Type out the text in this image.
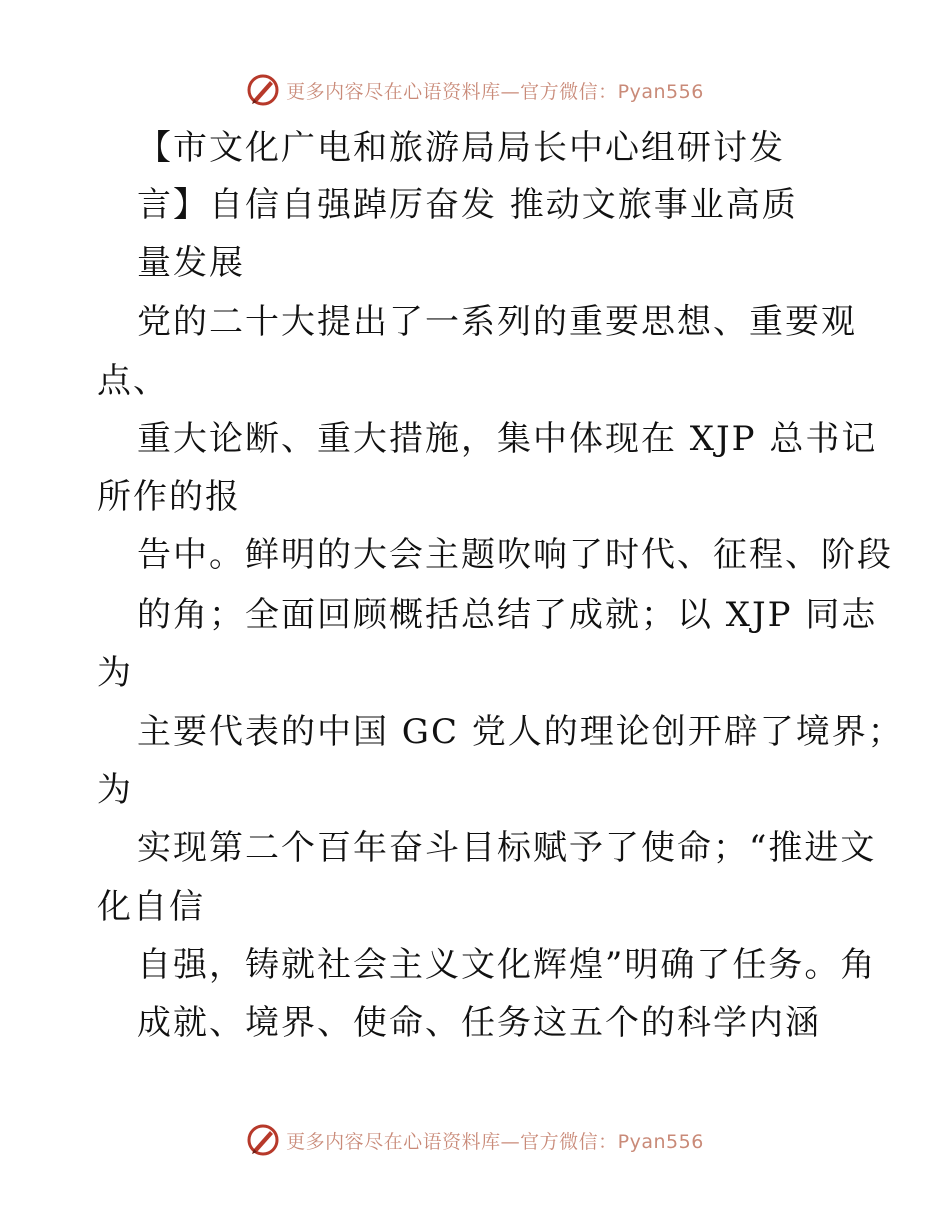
更多内容尽在心语资料库—官方微信：Pyan556
【市文化广电和旅游局局长中心组研讨发
言】自信自强踔厉奋发 推动文旅事业高质
量发展
党的二十大提出了一系列的重要思想、重要观
点、
重大论断、重大措施，集中体现在 XJP 总书记
所作的报
告中。鲜明的大会主题吹响了时代、征程、阶段
的角；全面回顾概括总结了成就；以 XJP 同志
为
主要代表的中国 GC 党人的理论创开辟了境界；
为
实现第二个百年奋斗目标赋予了使命；“推进文
化自信
自强，铸就社会主义文化辉煌”明确了任务。角
成就、境界、使命、任务这五个的科学内涵
更多内容尽在心语资料库—官方微信：Pyan556
